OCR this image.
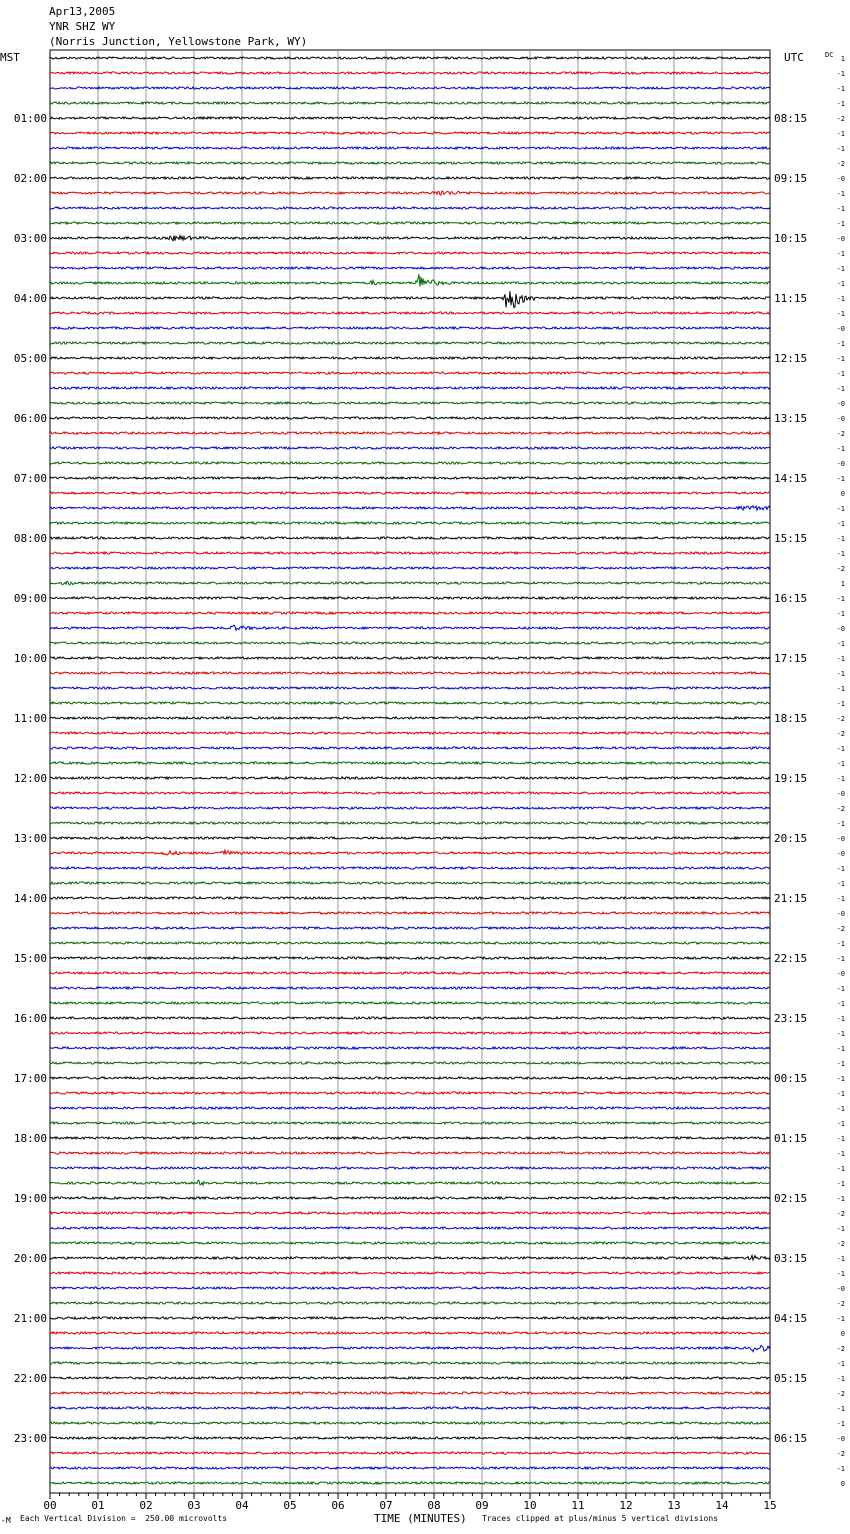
Apr13,2005
YNR SHZ WY
(Norris Junction, Yellowstone Park, WY)
MST	UTC	DC
01:00
02:00
03:00
04:00
05:00
06:00
07:00
08:00
09:00
10:00
11:00
12:00
13:00
14:00
15:00
16:00
17:00
18:00
19:00
20:00
21:00
22:00
23:00
08:15
09:15
10:15
11:15
12:15
13:15
14:15
15:15
16:15
17:15
18:15
19:15
20:15
21:15
22:15
23:15
00:15
01:15
02:15
03:15
04:15
05:15
06:15
1
-1
-1
-1
-2
-1
-1
-2
-0
-1
-1
-1
-0
-1
-1
-1
-1
-1
-0
-1
-1
-1
-1
-0
-0
-2
-1
-0
-1
0
-1
-1
-1
-1
-2
1
-1
-1
-0
-1
-1
-1
-1
-1
-2
-2
-1
-1
-1
-0
-2
-1
-0
-0
-1
-1
-1
-0
-2
-1
-1
-0
-1
-1
-1
-1
-1
-1
-1
-1
-1
-1
-1
-1
-1
-1
-1
-2
-1
-2
-1
-1
-0
-2
-1
0
-2
-1
-1
-2
-1
-1
-0
-2
-1
0
00	01	02	03	04	05	06	07	08	09	10	11	12	13	14	15
TIME (MINUTES)
-M Each Vertical Division =  250.00 microvolts	Traces clipped at plus/minus 5 vertical divisions
